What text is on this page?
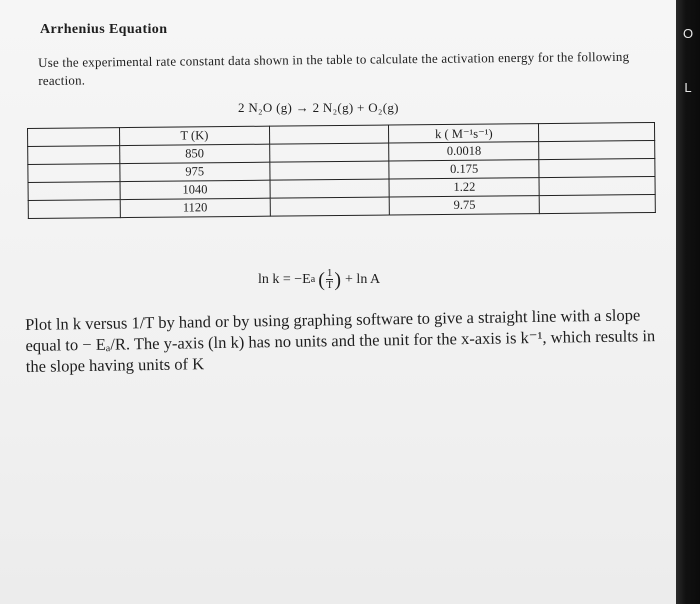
Arrhenius Equation
Use the experimental rate constant data shown in the table to calculate the activation energy for the following reaction.
2 N₂O (g) → 2 N₂(g) + O₂(g)
	T (K)		k ( M⁻¹s⁻¹)	
	850		0.0018	
	975		0.175	
	1040		1.22	
	1120		9.75	
ln k = −E a ( $\frac{1}{T}$ ) + ln A
Plot ln k versus 1/T by hand or by using graphing software to give a straight line with a slope equal to − Eₐ/R. The y-axis (ln k) has no units and the unit for the x-axis is k⁻¹, which results in the slope having units of K
O
L
